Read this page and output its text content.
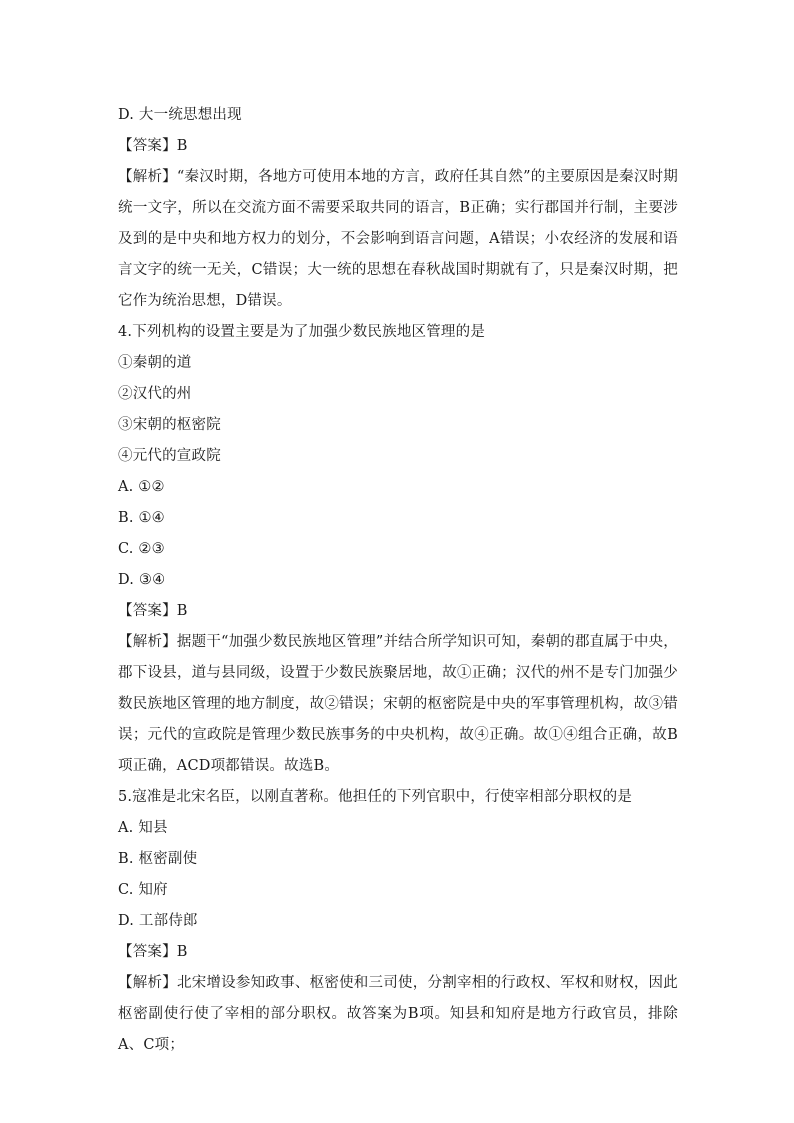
D. 大一统思想出现
【答案】B
【解析】“秦汉时期，各地方可使用本地的方言，政府任其自然”的主要原因是秦汉时期统一文字，所以在交流方面不需要采取共同的语言，B正确；实行郡国并行制，主要涉及到的是中央和地方权力的划分，不会影响到语言问题，A错误；小农经济的发展和语言文字的统一无关，C错误；大一统的思想在春秋战国时期就有了，只是秦汉时期，把它作为统治思想，D错误。
4.下列机构的设置主要是为了加强少数民族地区管理的是
①秦朝的道
②汉代的州
③宋朝的枢密院
④元代的宣政院
A. ①②
B. ①④
C. ②③
D. ③④
【答案】B
【解析】据题干“加强少数民族地区管理”并结合所学知识可知，秦朝的郡直属于中央，郡下设县，道与县同级，设置于少数民族聚居地，故①正确；汉代的州不是专门加强少数民族地区管理的地方制度，故②错误；宋朝的枢密院是中央的军事管理机构，故③错误；元代的宣政院是管理少数民族事务的中央机构，故④正确。故①④组合正确，故B项正确，ACD项都错误。故选B。
5.寇准是北宋名臣，以刚直著称。他担任的下列官职中，行使宰相部分职权的是
A. 知县
B. 枢密副使
C. 知府
D. 工部侍郎
【答案】B
【解析】北宋增设参知政事、枢密使和三司使，分割宰相的行政权、军权和财权，因此枢密副使行使了宰相的部分职权。故答案为B项。知县和知府是地方行政官员，排除A、C项；
